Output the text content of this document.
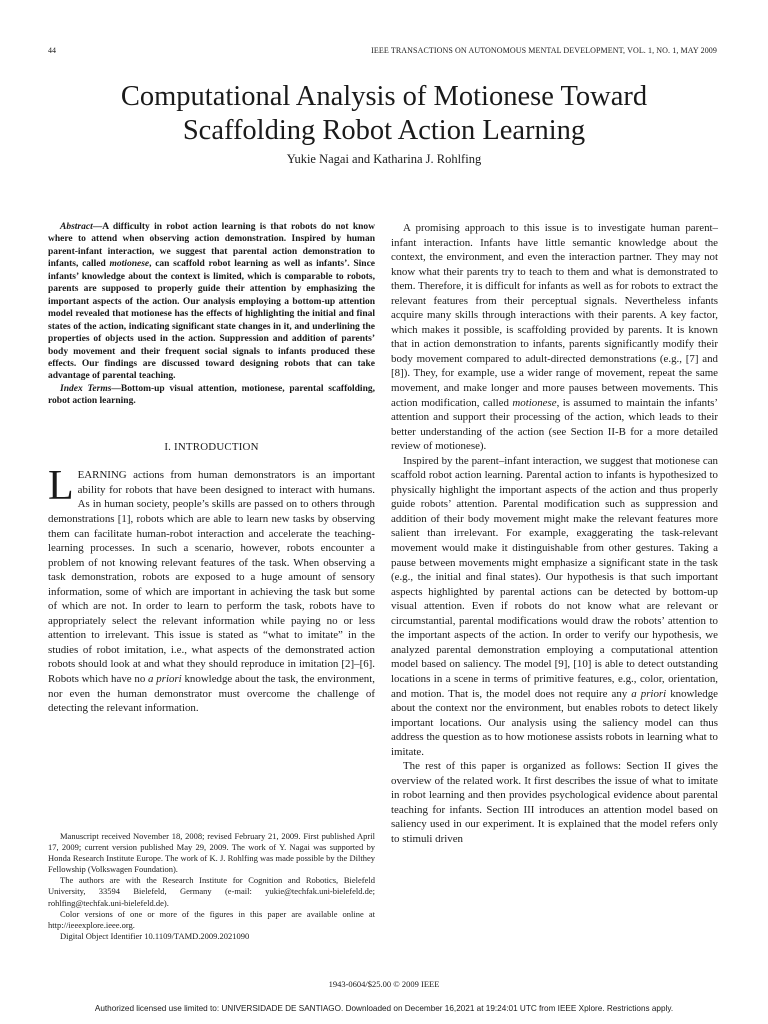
44	IEEE TRANSACTIONS ON AUTONOMOUS MENTAL DEVELOPMENT, VOL. 1, NO. 1, MAY 2009
Computational Analysis of Motionese Toward
Scaffolding Robot Action Learning
Yukie Nagai and Katharina J. Rohlfing

Abstract—A difficulty in robot action learning is that robots do not know where to attend when observing action demonstration. Inspired by human parent-infant interaction, we suggest that parental action demonstration to infants, called motionese, can scaffold robot learning as well as infants’. Since infants’ knowledge about the context is limited, which is comparable to robots, parents are supposed to properly guide their attention by emphasizing the important aspects of the action. Our analysis employing a bottom-up attention model revealed that motionese has the effects of highlighting the initial and final states of the action, indicating significant state changes in it, and underlining the properties of objects used in the action. Suppression and addition of parents’ body movement and their frequent social signals to infants produced these effects. Our findings are discussed toward designing robots that can take advantage of parental teaching.

Index Terms—Bottom-up visual attention, motionese, parental scaffolding, robot action learning.

I. INTRODUCTION

LEARNING actions from human demonstrators is an important ability for robots that have been designed to interact with humans. As in human society, people’s skills are passed on to others through demonstrations [1], robots which are able to learn new tasks by observing them can facilitate human-robot interaction and accelerate the teaching-learning processes. In such a scenario, however, robots encounter a problem of not knowing relevant features of the task. When observing a task demonstration, robots are exposed to a huge amount of sensory information, some of which are important in achieving the task but some of which are not. In order to learn to perform the task, robots have to appropriately select the relevant information while paying no or less attention to irrelevant. This issue is stated as “what to imitate” in the studies of robot imitation, i.e., what aspects of the demonstrated action robots should look at and what they should reproduce in imitation [2]–[6]. Robots which have no a priori knowledge about the task, the environment, nor even the human demonstrator must overcome the challenge of detecting the relevant information.

Manuscript received November 18, 2008; revised February 21, 2009. First published April 17, 2009; current version published May 29, 2009. The work of Y. Nagai was supported by Honda Research Institute Europe. The work of K. J. Rohlfing was made possible by the Dilthey Fellowship (Volkswagen Foundation).

The authors are with the Research Institute for Cognition and Robotics, Bielefeld University, 33594 Bielefeld, Germany (e-mail: yukie@techfak.uni-bielefeld.de; rohlfing@techfak.uni-bielefeld.de).

Color versions of one or more of the figures in this paper are available online at http://ieeexplore.ieee.org.

Digital Object Identifier 10.1109/TAMD.2009.2021090

A promising approach to this issue is to investigate human parent–infant interaction. Infants have little semantic knowledge about the context, the environment, and even the interaction partner. They may not know what their parents try to teach to them and what is demonstrated to them. Therefore, it is difficult for infants as well as for robots to extract the relevant features from their perceptual signals. Nevertheless infants acquire many skills through interactions with their parents. A key factor, which makes it possible, is scaffolding provided by parents. It is known that in action demonstration to infants, parents significantly modify their body movement compared to adult-directed demonstrations (e.g., [7] and [8]). They, for example, use a wider range of movement, repeat the same movement, and make longer and more pauses between movements. This action modification, called motionese, is assumed to maintain the infants’ attention and support their processing of the action, which leads to their better understanding of the action (see Section II-B for a more detailed review of motionese).

Inspired by the parent–infant interaction, we suggest that motionese can scaffold robot action learning. Parental action to infants is hypothesized to physically highlight the important aspects of the action and thus properly guide robots’ attention. Parental modification such as suppression and addition of their body movement might make the relevant features more salient than irrelevant. For example, exaggerating the task-relevant movement would make it distinguishable from other gestures. Taking a pause between movements might emphasize a significant state in the task (e.g., the initial and final states). Our hypothesis is that such important aspects highlighted by parental actions can be detected by bottom-up visual attention. Even if robots do not know what are relevant or circumstantial, parental modifications would draw the robots’ attention to the important aspects of the action. In order to verify our hypothesis, we analyzed parental demonstration employing a computational attention model based on saliency. The model [9], [10] is able to detect outstanding locations in a scene in terms of primitive features, e.g., color, orientation, and motion. That is, the model does not require any a priori knowledge about the context nor the environment, but enables robots to detect likely important locations. Our analysis using the saliency model can thus address the question as to how motionese assists robots in learning what to imitate.

The rest of this paper is organized as follows: Section II gives the overview of the related work. It first describes the issue of what to imitate in robot learning and then provides psychological evidence about parental teaching for infants. Section III introduces an attention model based on saliency used in our experiment. It is explained that the model refers only to stimuli driven

1943-0604/$25.00 © 2009 IEEE
Authorized licensed use limited to: UNIVERSIDADE DE SANTIAGO. Downloaded on December 16,2021 at 19:24:01 UTC from IEEE Xplore. Restrictions apply.
